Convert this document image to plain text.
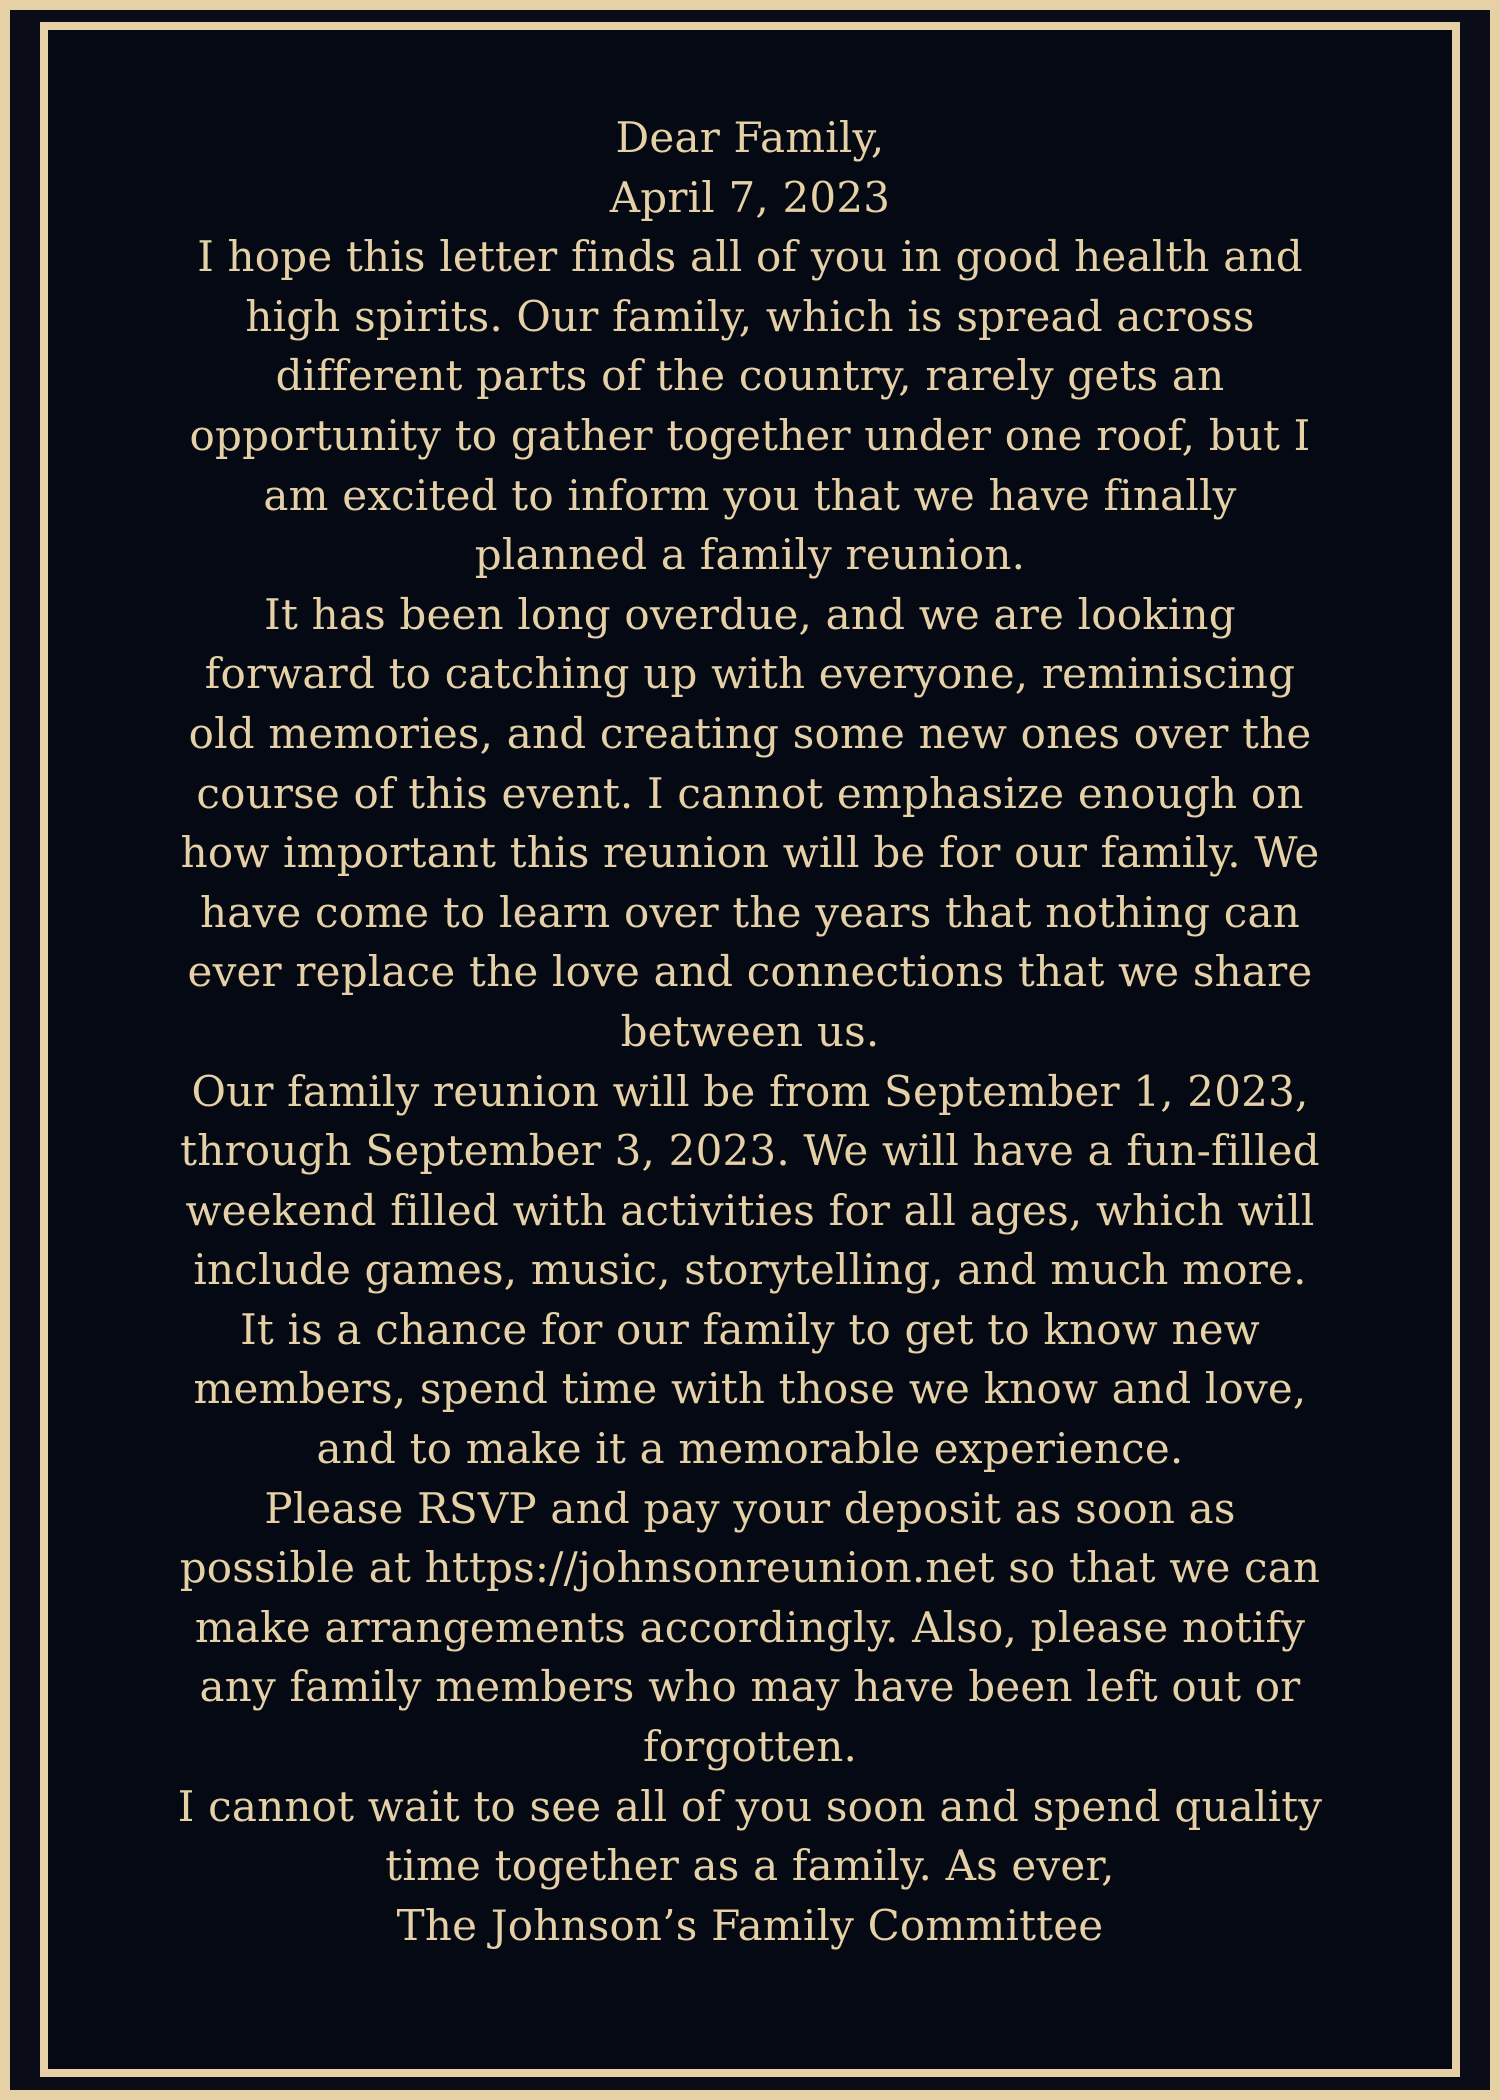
Dear Family,

April 7, 2023

I hope this letter finds all of you in good health and high spirits. Our family, which is spread across different parts of the country, rarely gets an opportunity to gather together under one roof, but I am excited to inform you that we have finally planned a family reunion.

It has been long overdue, and we are looking forward to catching up with everyone, reminiscing old memories, and creating some new ones over the course of this event. I cannot emphasize enough on how important this reunion will be for our family. We have come to learn over the years that nothing can ever replace the love and connections that we share between us.

Our family reunion will be from September 1, 2023, through September 3, 2023. We will have a fun-filled weekend filled with activities for all ages, which will include games, music, storytelling, and much more. It is a chance for our family to get to know new members, spend time with those we know and love, and to make it a memorable experience.

Please RSVP and pay your deposit as soon as possible at https://johnsonreunion.net so that we can make arrangements accordingly. Also, please notify any family members who may have been left out or forgotten.

I cannot wait to see all of you soon and spend quality time together as a family. As ever,

The Johnson’s Family Committee
